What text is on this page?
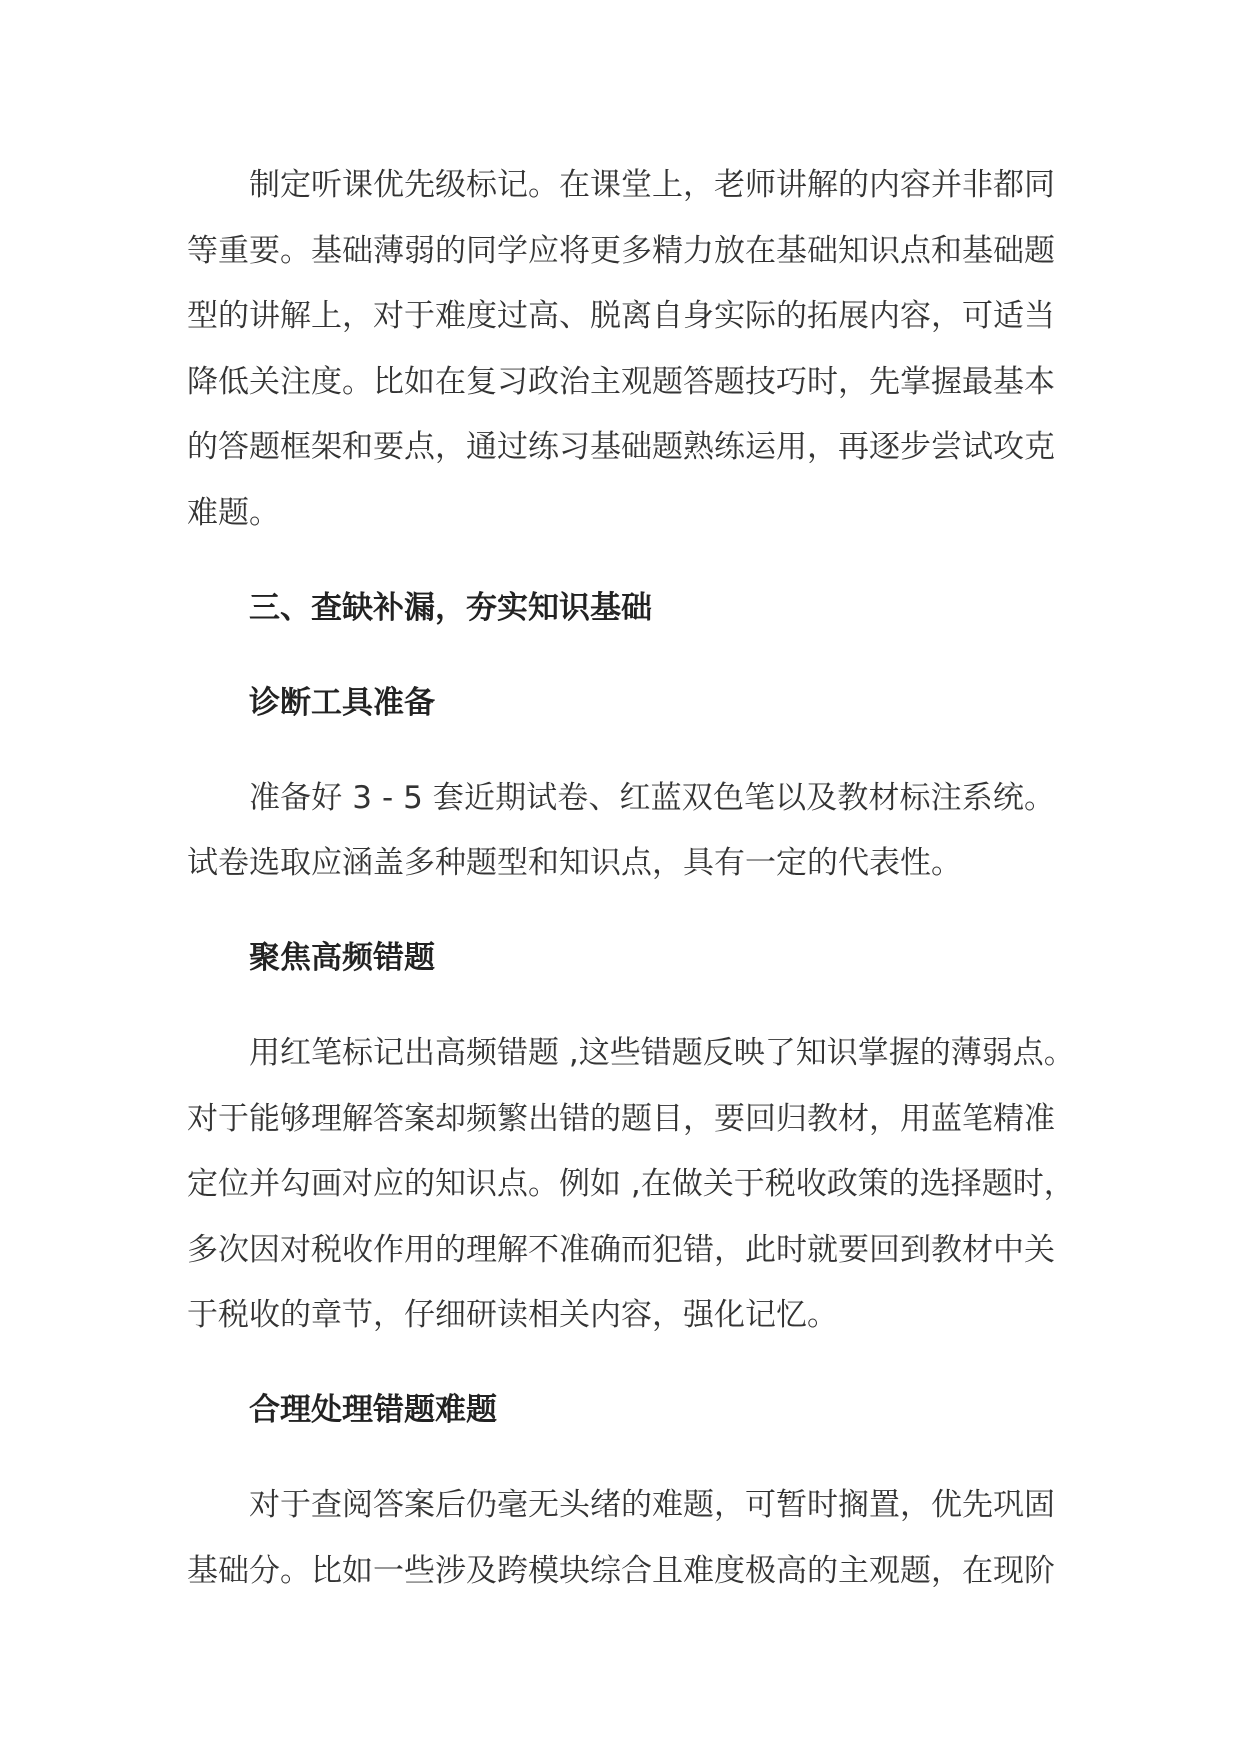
制定听课优先级标记。在课堂上，老师讲解的内容并非都同
等重要。基础薄弱的同学应将更多精力放在基础知识点和基础题
型的讲解上，对于难度过高、脱离自身实际的拓展内容，可适当
降低关注度。比如在复习政治主观题答题技巧时，先掌握最基本
的答题框架和要点，通过练习基础题熟练运用，再逐步尝试攻克
难题。
三、查缺补漏，夯实知识基础
诊断工具准备
准备好 3 - 5 套近期试卷、红蓝双色笔以及教材标注系统。
试卷选取应涵盖多种题型和知识点，具有一定的代表性。
聚焦高频错题
用红笔标记出高频错题 ,这些错题反映了知识掌握的薄弱点。
对于能够理解答案却频繁出错的题目，要回归教材，用蓝笔精准
定位并勾画对应的知识点。例如 ,在做关于税收政策的选择题时，
多次因对税收作用的理解不准确而犯错，此时就要回到教材中关
于税收的章节，仔细研读相关内容，强化记忆。
合理处理错题难题
对于查阅答案后仍毫无头绪的难题，可暂时搁置，优先巩固
基础分。比如一些涉及跨模块综合且难度极高的主观题，在现阶
